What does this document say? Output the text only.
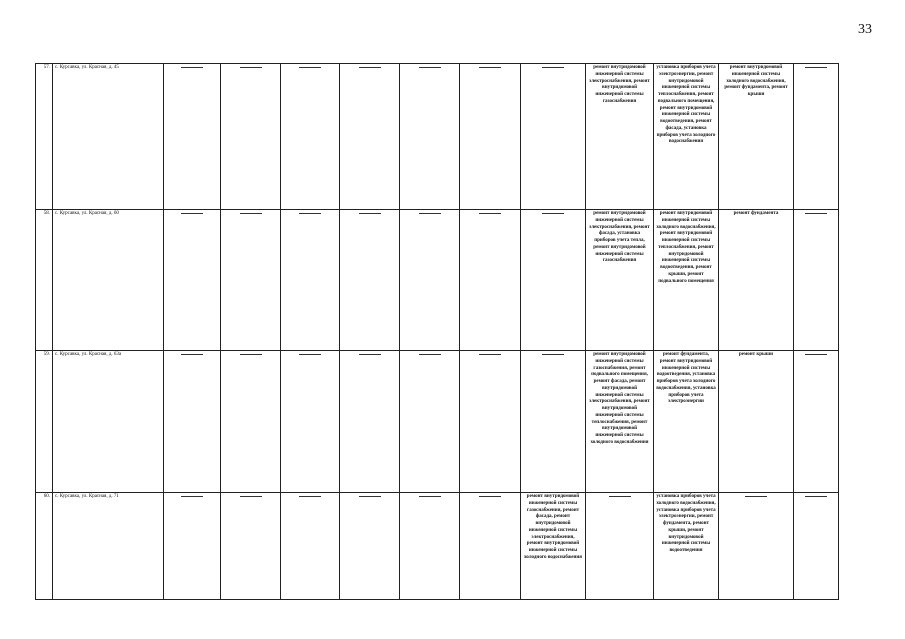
33
57.	с. Курсавка, ул. Красная, д. 45								ремонт внутридомовой инженерной системы электроснабжения, ремонт внутридомовой инженерной системы газоснабжения	установка приборов учета электроэнергии, ремонт внутридомовой инженерной системы теплоснабжения, ремонт подвального помещения, ремонт внутридомовой инженерной системы водоотведения, ремонт фасада, установка приборов учета холодного водоснабжения	ремонт внутридомовой инженерной системы холодного водоснабжения, ремонт фундамента, ремонт крыши	
58.	с. Курсавка, ул. Красная, д. 60								ремонт внутридомовой инженерной системы электроснабжения, ремонт фасада, установка приборов учета тепла, ремонт внутридомовой инженерной системы газоснабжения	ремонт внутридомовой инженерной системы холодного водоснабжения, ремонт внутридомовой инженерной системы теплоснабжения, ремонт внутридомовой инженерной системы водоотведения, ремонт крыши, ремонт подвального помещения	ремонт фундамента	
59.	с. Курсавка, ул. Красная, д. 63а								ремонт внутридомовой инженерной системы газоснабжения, ремонт подвального помещения, ремонт фасада, ремонт внутридомовой инженерной системы электроснабжения, ремонт внутридомовой инженерной системы теплоснабжения, ремонт внутридомовой инженерной системы холодного водоснабжения	ремонт фундамента, ремонт внутридомовой инженерной системы водоотведения, установка приборов учета холодного водоснабжения, установка приборов учета электроэнергии	ремонт крыши	
60.	с. Курсавка, ул. Красная, д. 71							ремонт внутридомовой инженерной системы газоснабжения, ремонт фасада, ремонт внутридомовой инженерной системы электроснабжения, ремонт внутридомовой инженерной системы холодного водоснабжения		установка приборов учета холодного водоснабжения, установка приборов учета электроэнергии, ремонт фундамента, ремонт крыши, ремонт внутридомовой инженерной системы водоотведения		
